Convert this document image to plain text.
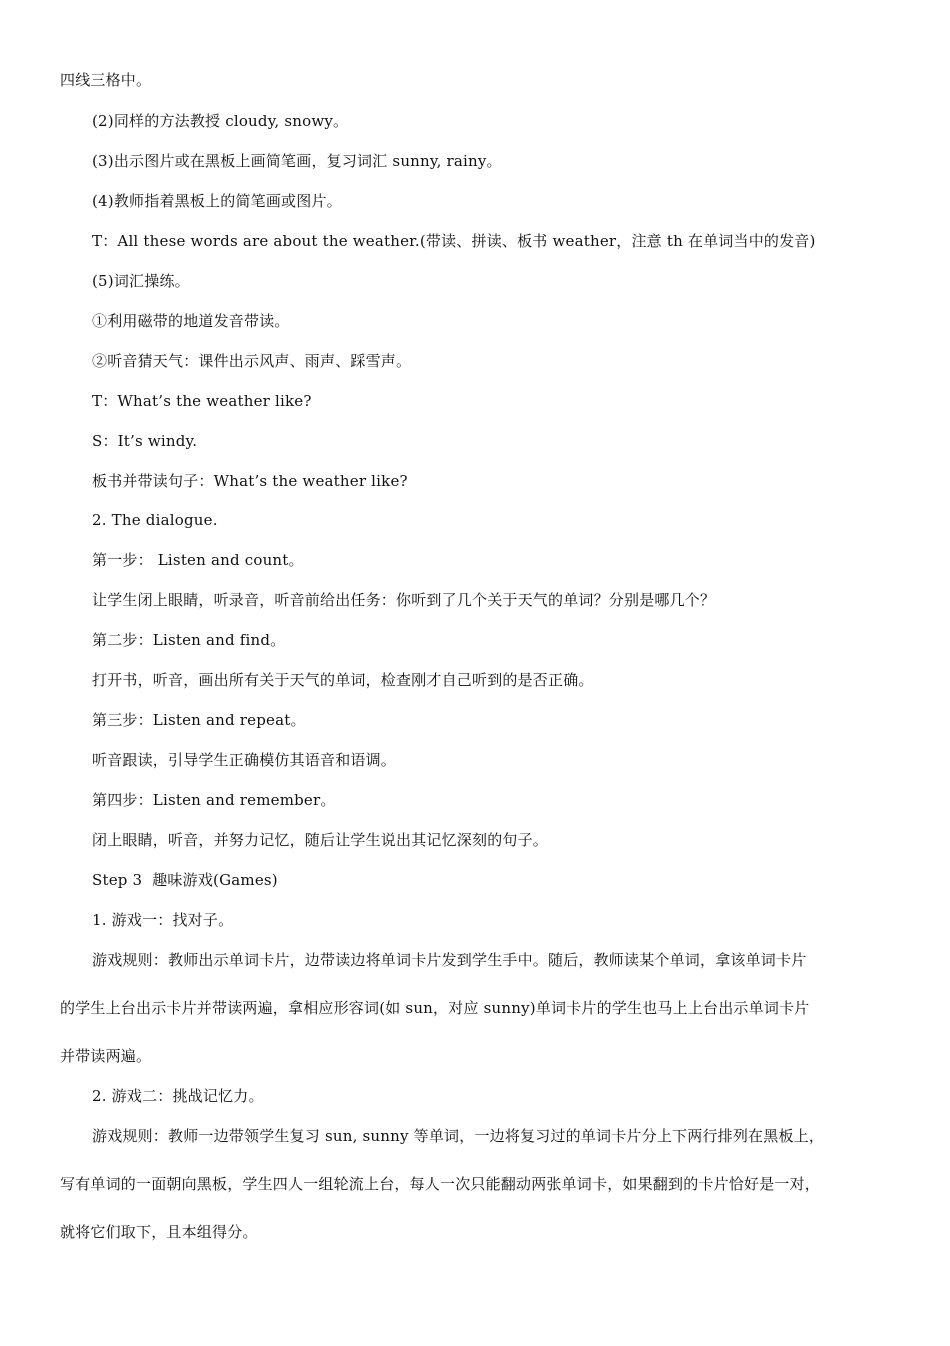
四线三格中。
(2)同样的方法教授 cloudy, snowy。
(3)出示图片或在黑板上画简笔画，复习词汇 sunny, rainy。
(4)教师指着黑板上的简笔画或图片。
T：All these words are about the weather.(带读、拼读、板书 weather，注意 th 在单词当中的发音)
(5)词汇操练。
①利用磁带的地道发音带读。
②听音猜天气：课件出示风声、雨声、踩雪声。
T：What’s the weather like?
S：It’s windy.
板书并带读句子：What’s the weather like?
2. The dialogue.
第一步： Listen and count。
让学生闭上眼睛，听录音，听音前给出任务：你听到了几个关于天气的单词？分别是哪几个？
第二步：Listen and find。
打开书，听音，画出所有关于天气的单词，检查刚才自己听到的是否正确。
第三步：Listen and repeat。
听音跟读，引导学生正确模仿其语音和语调。
第四步：Listen and remember。
闭上眼睛，听音，并努力记忆，随后让学生说出其记忆深刻的句子。
Step 3  趣味游戏(Games)
1. 游戏一：找对子。
游戏规则：教师出示单词卡片，边带读边将单词卡片发到学生手中。随后，教师读某个单词，拿该单词卡片
的学生上台出示卡片并带读两遍，拿相应形容词(如 sun，对应 sunny)单词卡片的学生也马上上台出示单词卡片
并带读两遍。
2. 游戏二：挑战记忆力。
游戏规则：教师一边带领学生复习 sun, sunny 等单词，一边将复习过的单词卡片分上下两行排列在黑板上，
写有单词的一面朝向黑板，学生四人一组轮流上台，每人一次只能翻动两张单词卡，如果翻到的卡片恰好是一对，
就将它们取下，且本组得分。
